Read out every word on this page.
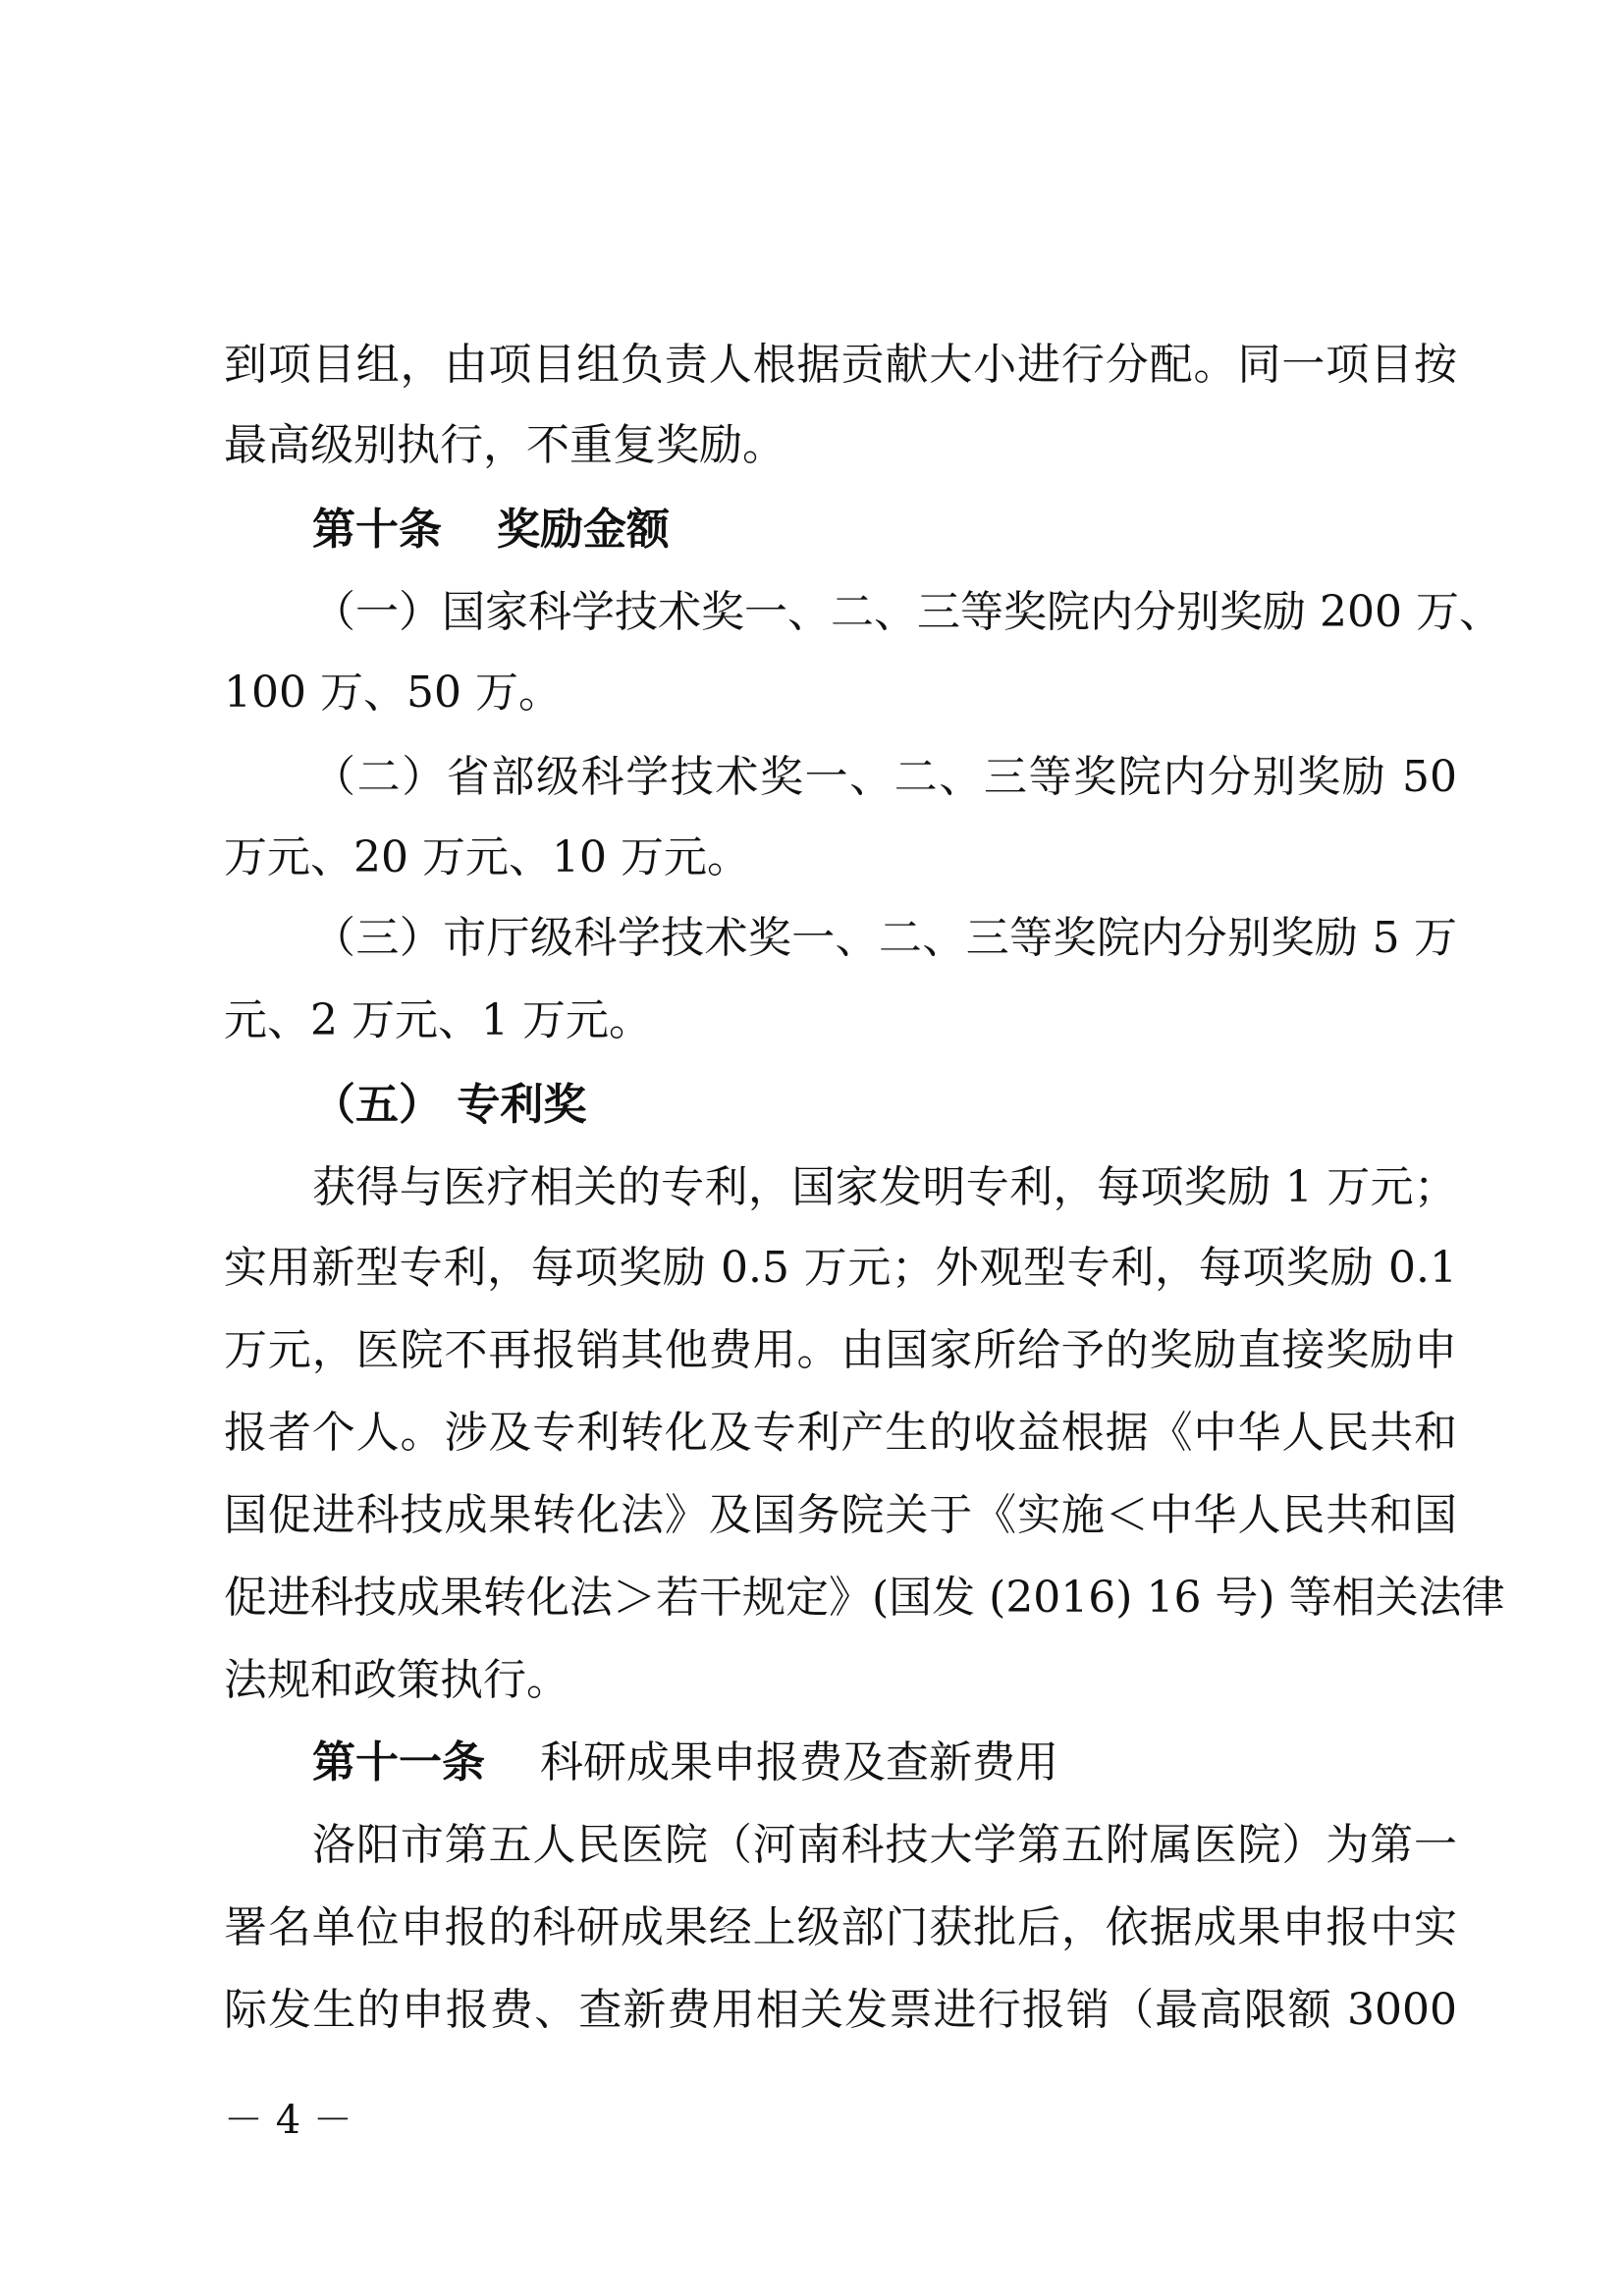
到项目组，由项目组负责人根据贡献大小进行分配。同一项目按
最高级别执行，不重复奖励。
第十条 奖励金额
（一）国家科学技术奖一、二、三等奖院内分别奖励 200 万、
100 万、50 万。
（二）省部级科学技术奖一、二、三等奖院内分别奖励 50
万元、20 万元、10 万元。
（三）市厅级科学技术奖一、二、三等奖院内分别奖励 5 万
元、2 万元、1 万元。
（五） 专利奖
获得与医疗相关的专利，国家发明专利，每项奖励 1 万元；
实用新型专利，每项奖励 0.5 万元；外观型专利，每项奖励 0.1
万元，医院不再报销其他费用。由国家所给予的奖励直接奖励申
报者个人。涉及专利转化及专利产生的收益根据《中华人民共和
国促进科技成果转化法》及国务院关于《实施＜中华人民共和国
促进科技成果转化法＞若干规定》(国发 (2016) 16 号) 等相关法律
法规和政策执行。
第十一条 科研成果申报费及查新费用
洛阳市第五人民医院（河南科技大学第五附属医院）为第一
署名单位申报的科研成果经上级部门获批后，依据成果申报中实
际发生的申报费、查新费用相关发票进行报销（最高限额 3000
－ 4 －
